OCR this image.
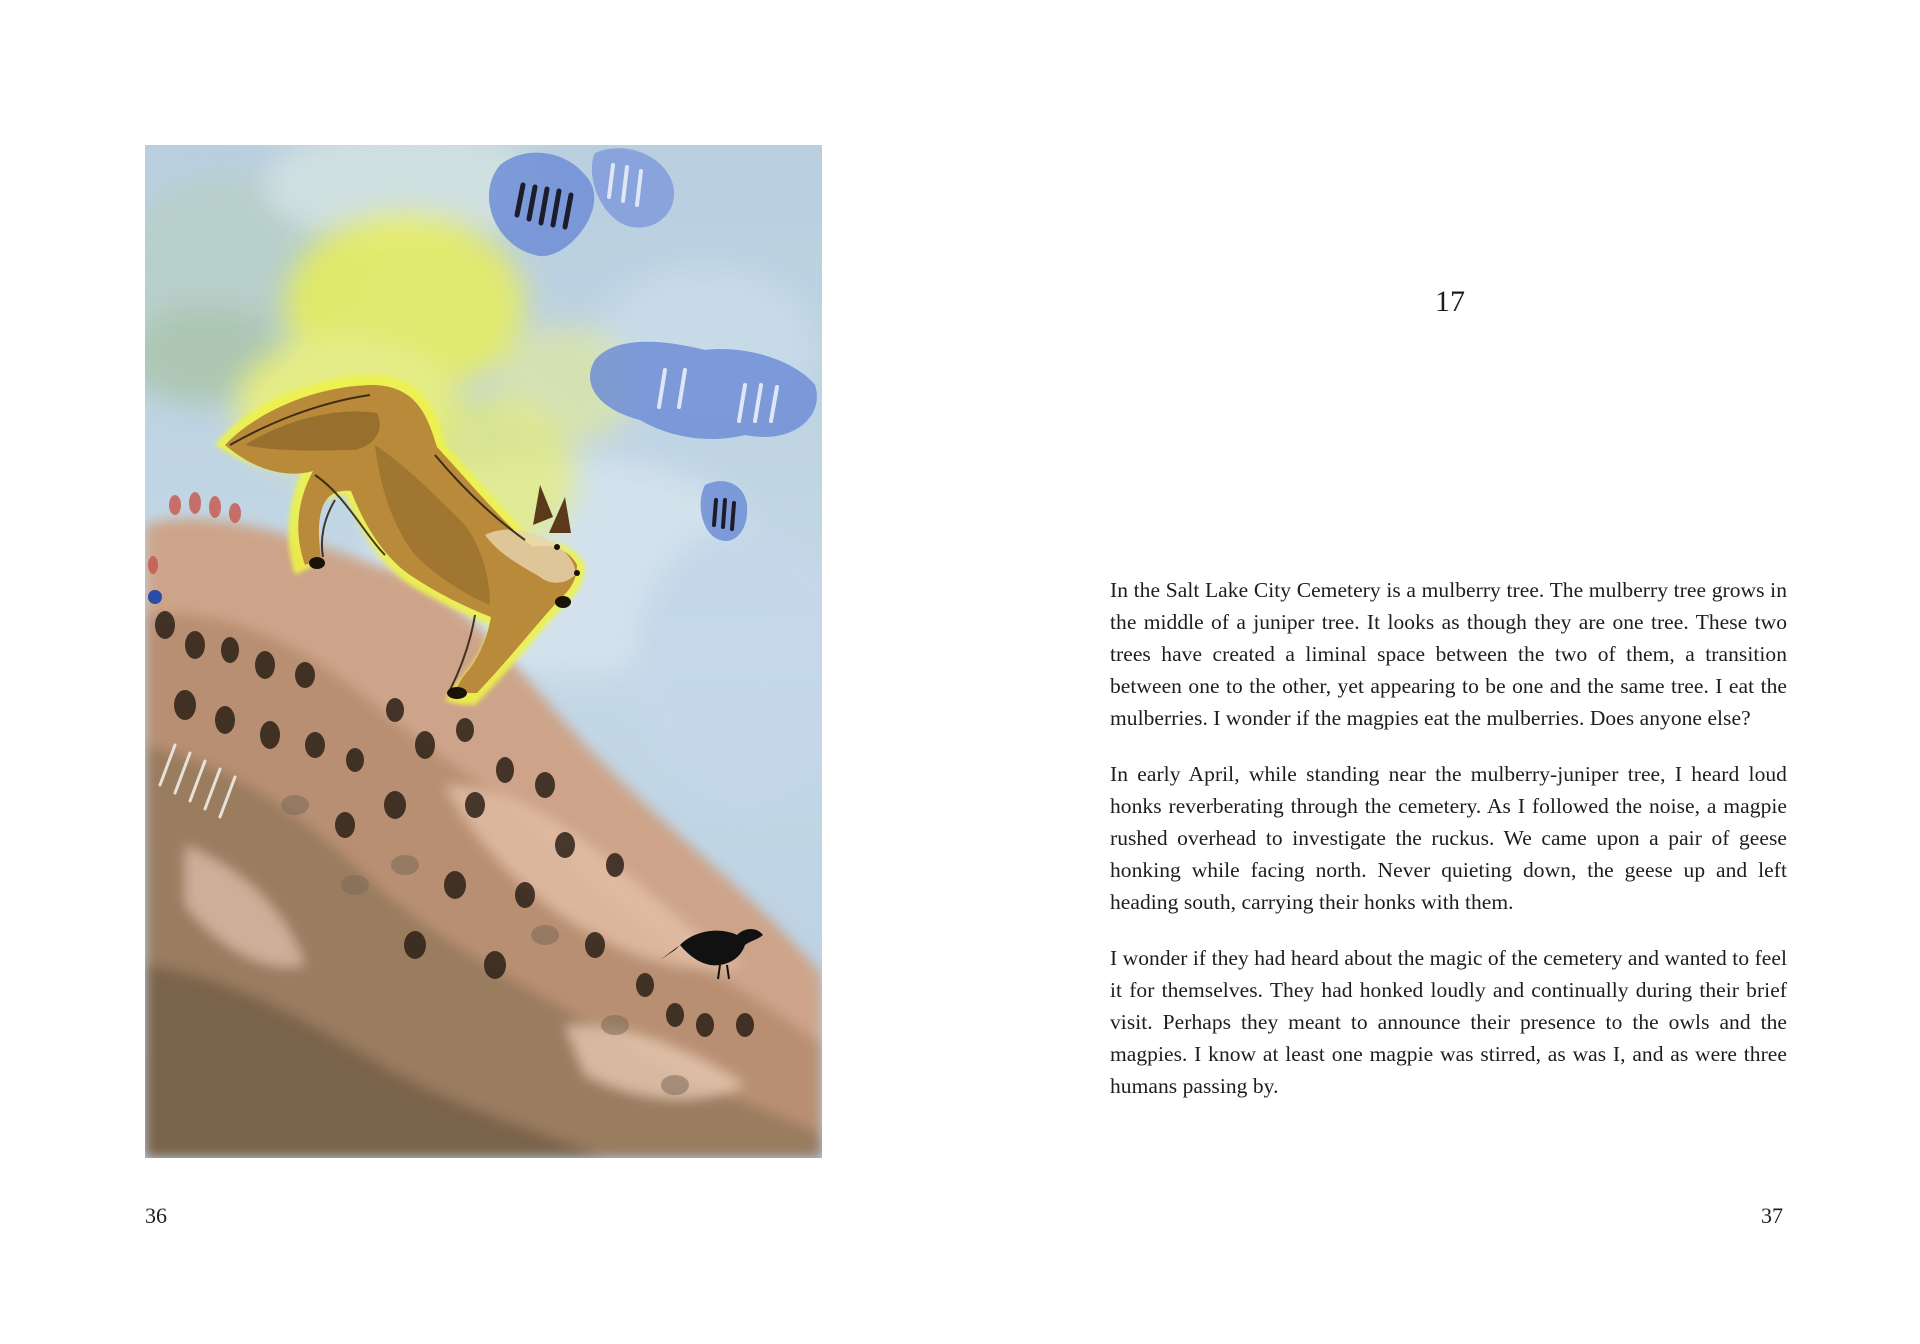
36
17

In the Salt Lake City Cemetery is a mulberry tree. The mulberry tree grows in the middle of a juniper tree. It looks as though they are one tree. These two trees have created a liminal space between the two of them, a transition between one to the other, yet appearing to be one and the same tree. I eat the mulberries. I wonder if the magpies eat the mulberries. Does anyone else?

In early April, while standing near the mulberry-juniper tree, I heard loud honks reverberating through the cemetery. As I followed the noise, a magpie rushed overhead to investigate the ruckus. We came upon a pair of geese honking while facing north. Never quieting down, the geese up and left heading south, carrying their honks with them.

I wonder if they had heard about the magic of the cemetery and wanted to feel it for themselves. They had honked loudly and continually during their brief visit. Perhaps they meant to announce their presence to the owls and the magpies. I know at least one magpie was stirred, as was I, and as were three humans passing by.

37
